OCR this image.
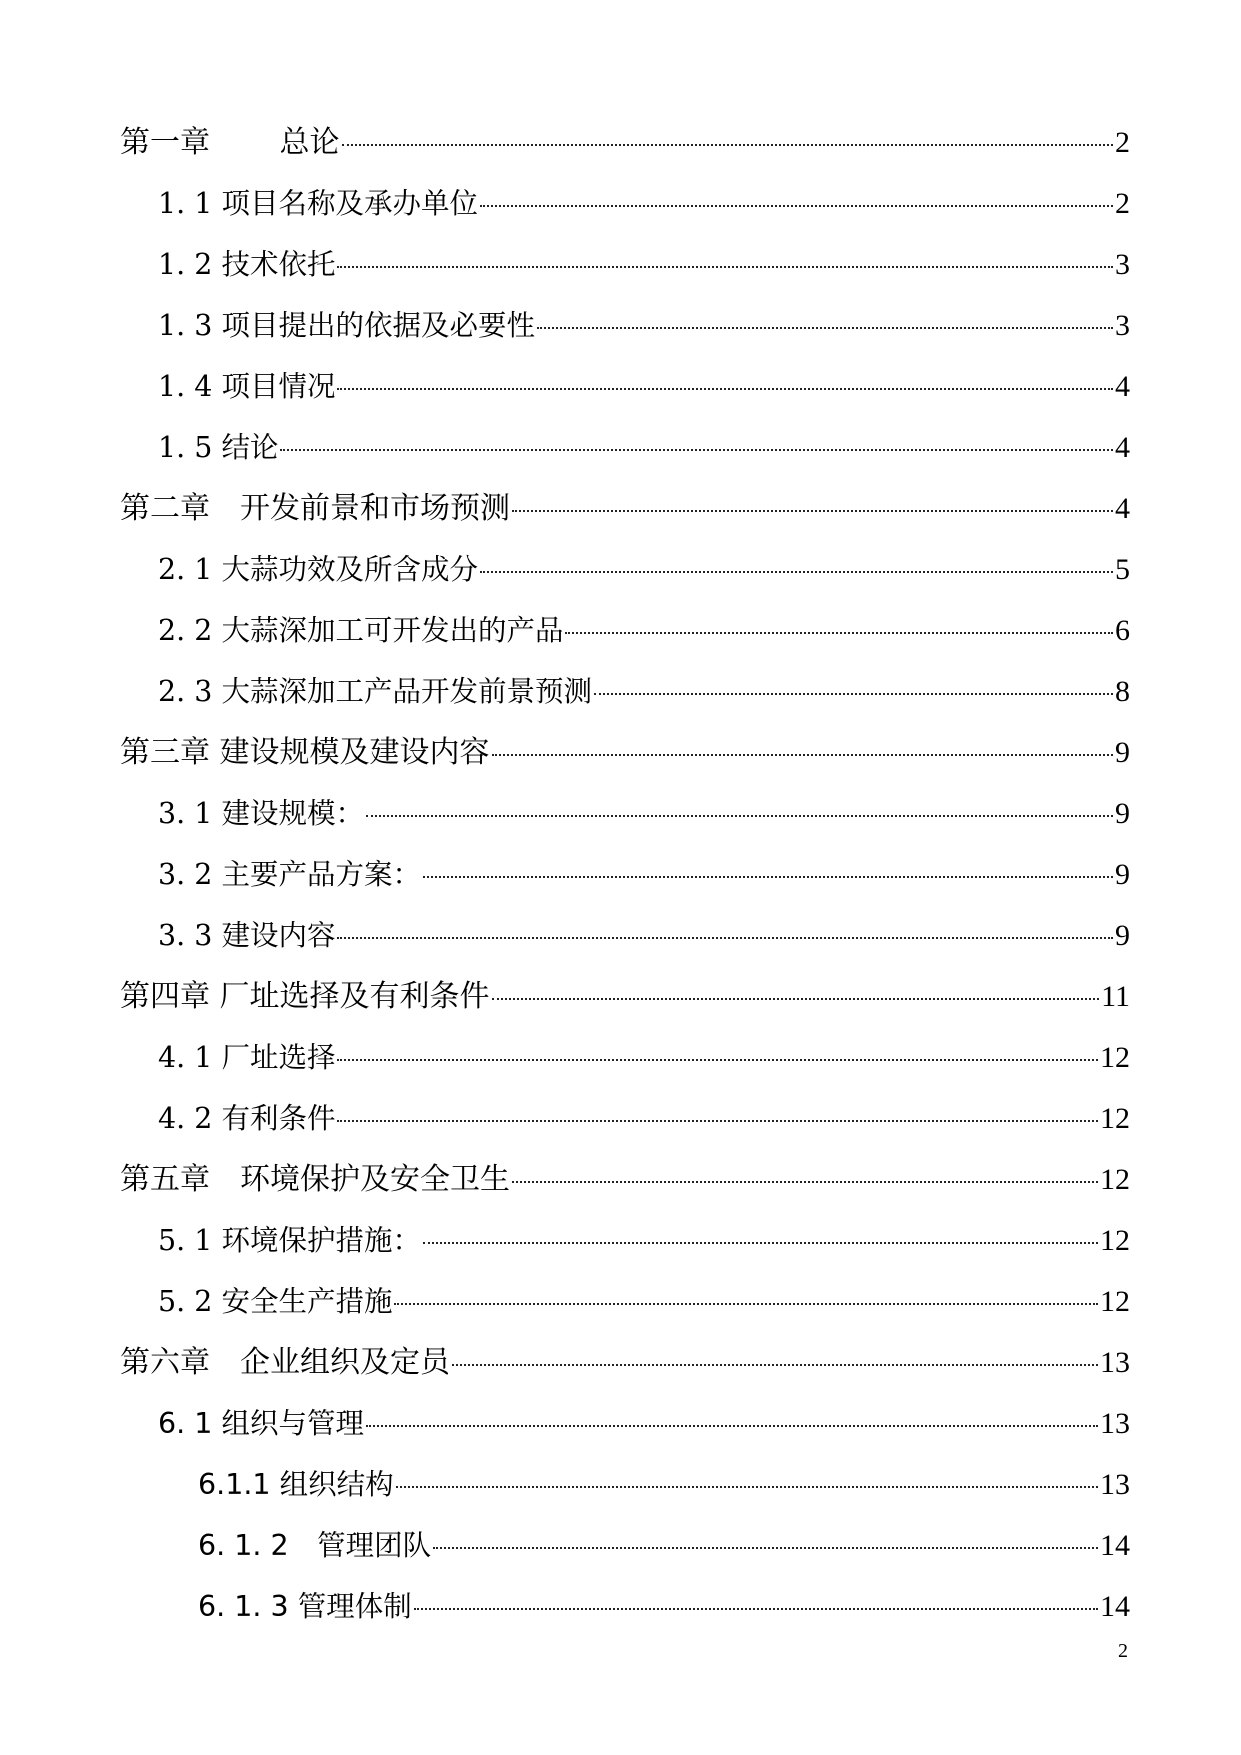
第一章　　 总论	2
1. 1 项目名称及承办单位	2
1. 2 技术依托	3
1. 3 项目提出的依据及必要性	3
1. 4 项目情况	4
1. 5 结论	4
第二章　开发前景和市场预测	4
2. 1 大蒜功效及所含成分	5
2. 2 大蒜深加工可开发出的产品	6
2. 3 大蒜深加工产品开发前景预测	8
第三章 建设规模及建设内容	9
3. 1 建设规模：	9
3. 2 主要产品方案：	9
3. 3 建设内容	9
第四章 厂址选择及有利条件	11
4. 1 厂址选择	12
4. 2 有利条件	12
第五章　环境保护及安全卫生	12
5. 1 环境保护措施：	12
5. 2 安全生产措施	12
第六章　企业组织及定员	13
6. 1 组织与管理	13
6.1.1 组织结构	13
6. 1. 2　管理团队	14
6. 1. 3 管理体制	14
2
